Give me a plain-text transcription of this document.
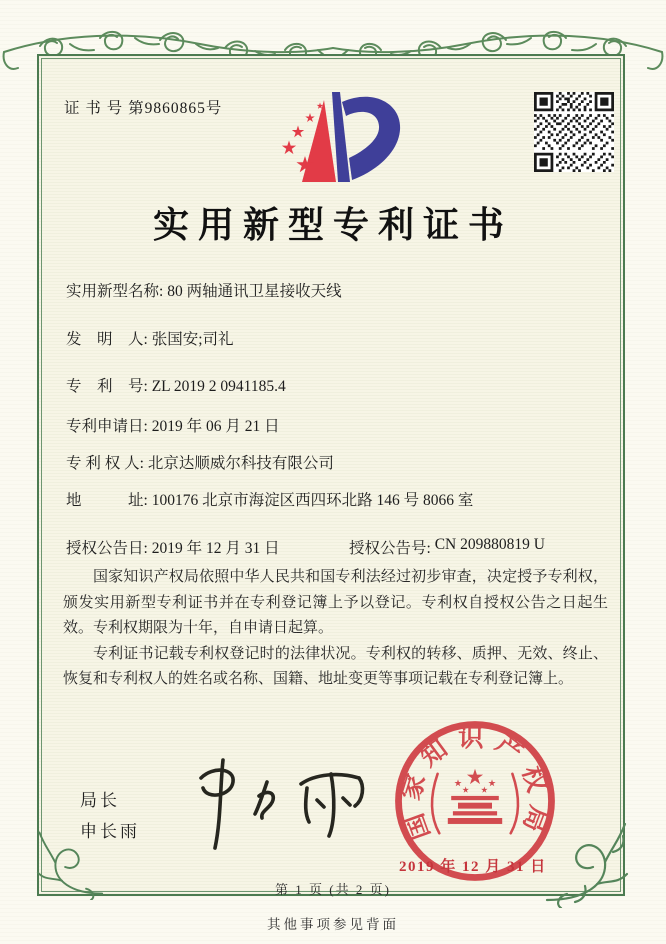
证 书 号 第9860865号
实用新型专利证书
实用新型名称: 80 两轴通讯卫星接收天线
发　明　人: 张国安;司礼
专　利　号: ZL 2019 2 0941185.4
专利申请日: 2019 年 06 月 21 日
专 利 权 人: 北京达顺威尔科技有限公司
地　　　址: 100176 北京市海淀区西四环北路 146 号 8066 室
授权公告日: 2019 年 12 月 31 日	授权公告号: CN 209880819 U

国家知识产权局依照中华人民共和国专利法经过初步审查，决定授予专利权，颁发实用新型专利证书并在专利登记簿上予以登记。专利权自授权公告之日起生效。专利权期限为十年，自申请日起算。

专利证书记载专利权登记时的法律状况。专利权的转移、质押、无效、终止、恢复和专利权人的姓名或名称、国籍、地址变更等事项记载在专利登记簿上。

局长
申长雨	国家知识产权局
2019 年 12 月 31 日
第 1 页 (共 2 页)
其他事项参见背面
